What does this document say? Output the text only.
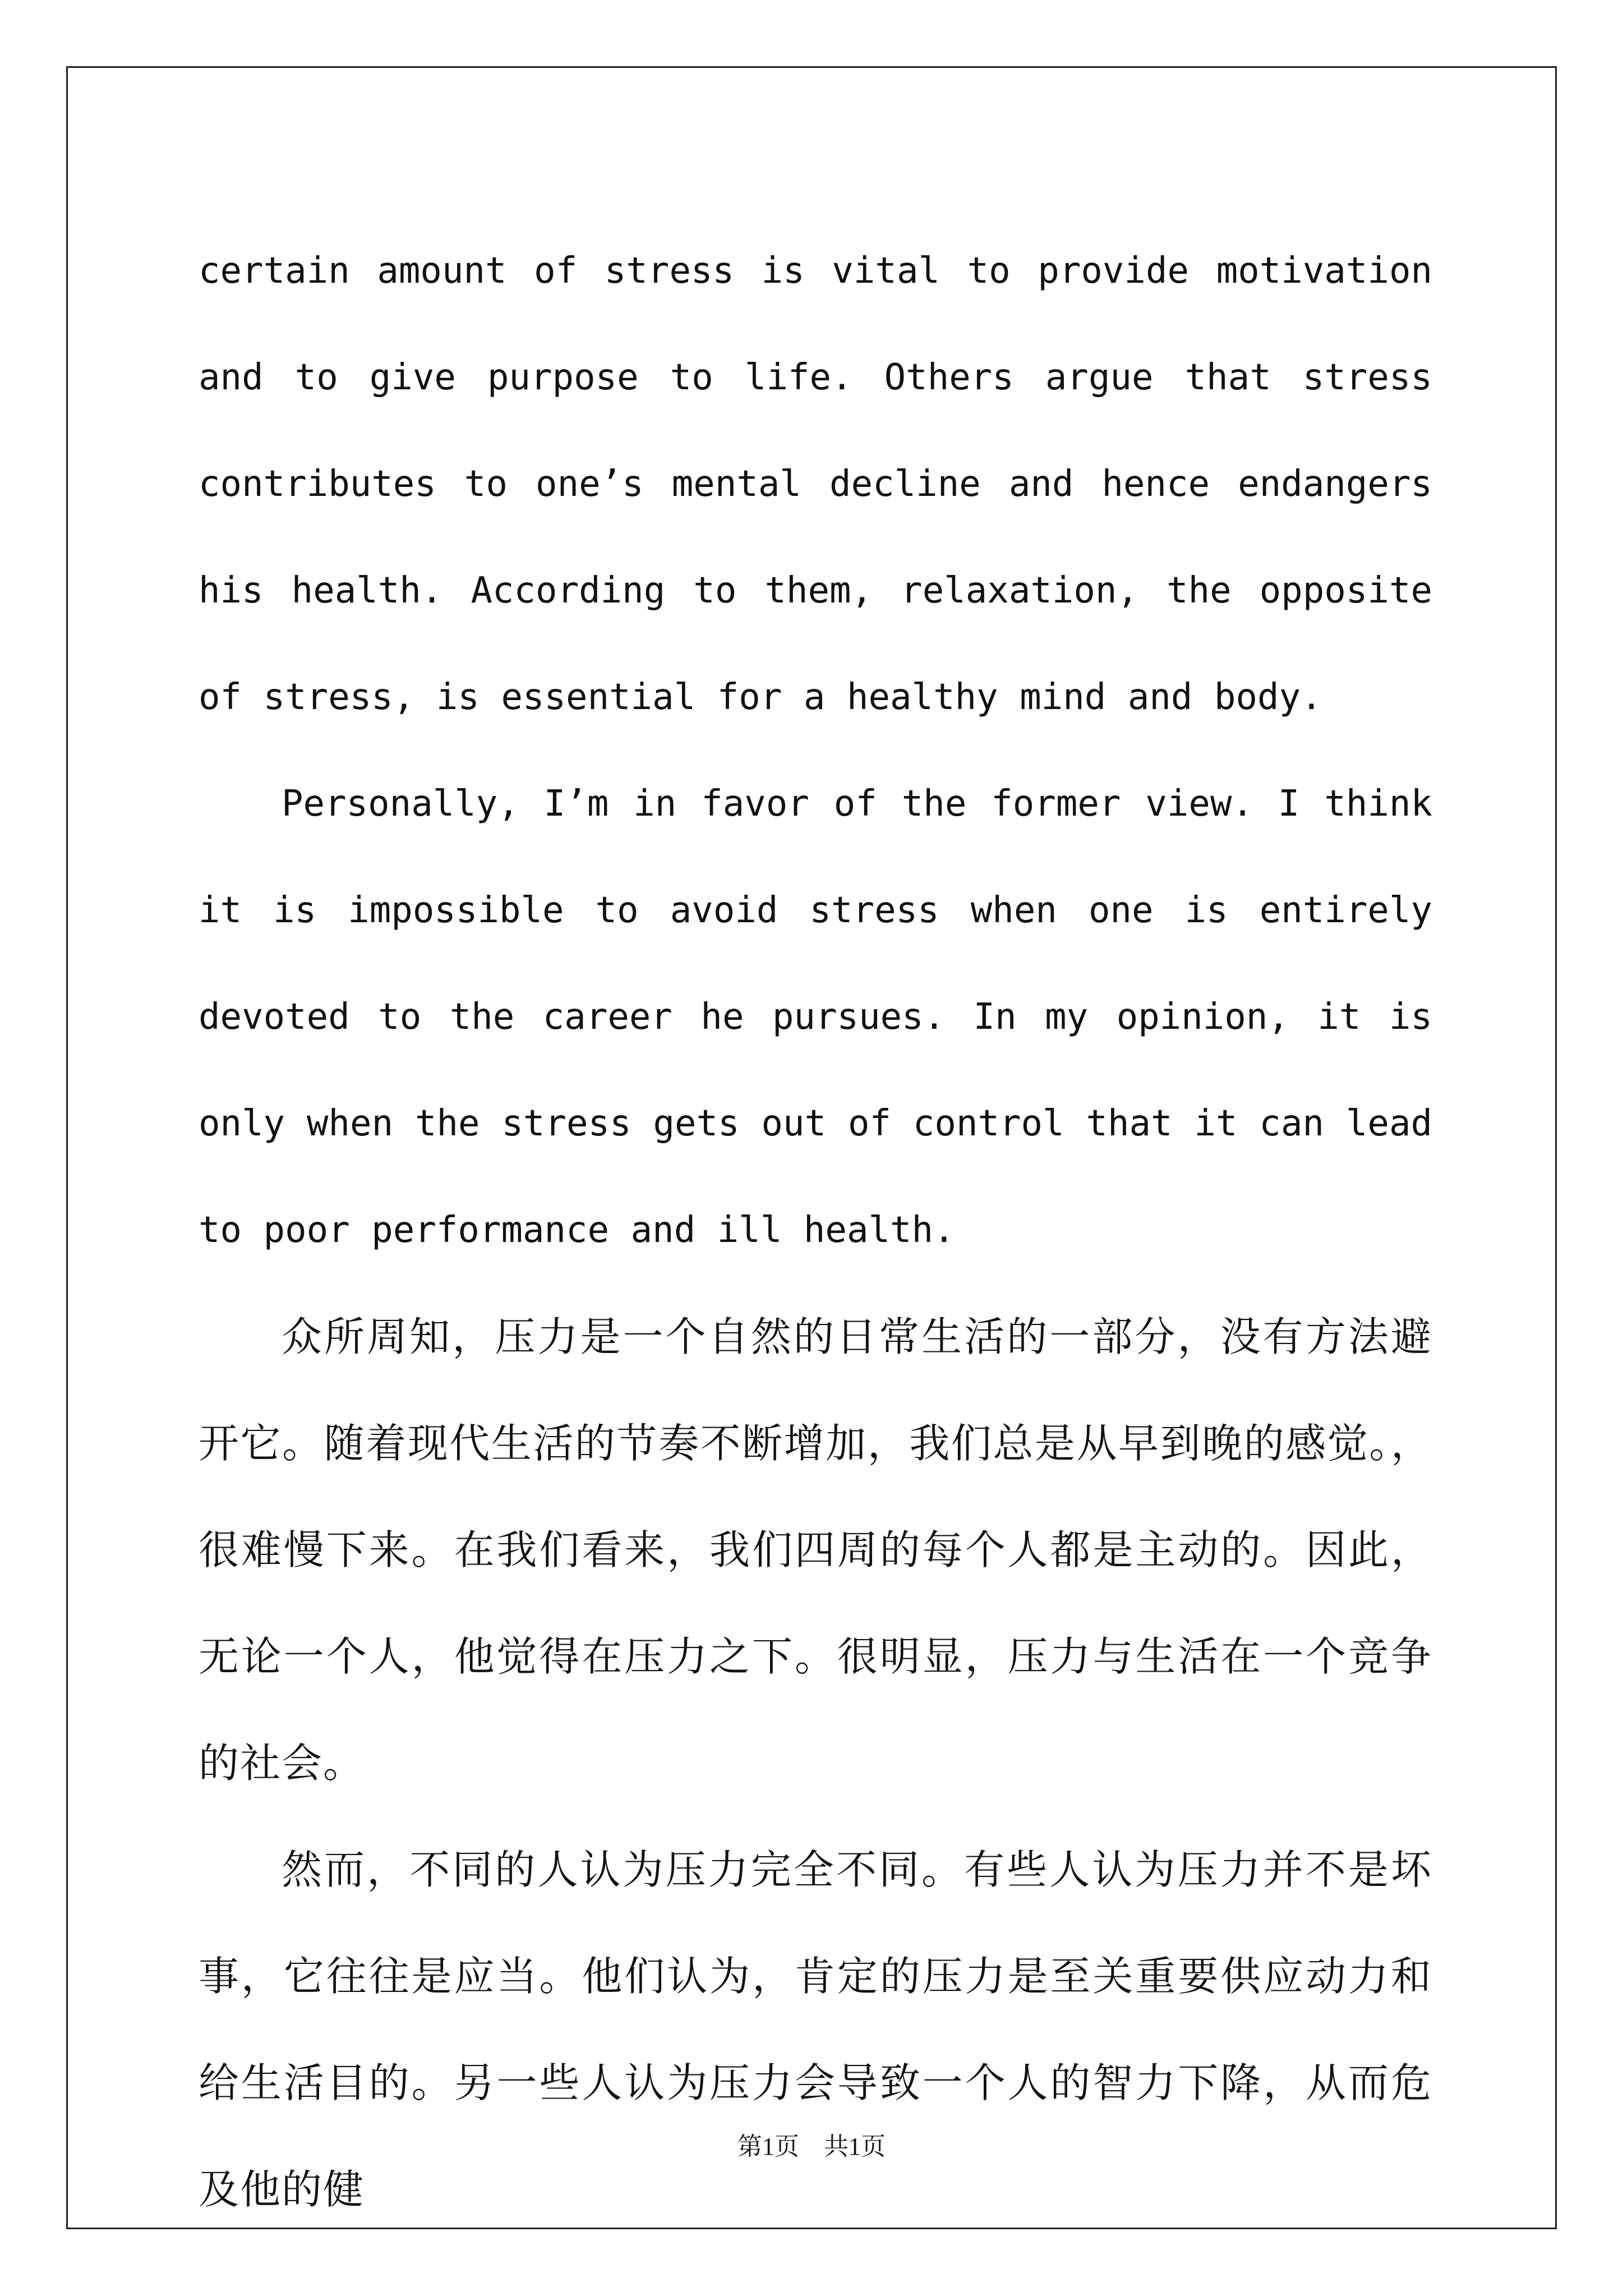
certain amount of stress is vital to provide motivation and to give purpose to life. Others argue that stress contributes to one’s mental decline and hence endangers his health. According to them, relaxation, the opposite of stress, is essential for a healthy mind and body.

Personally, I’m in favor of the former view. I think it is impossible to avoid stress when one is entirely devoted to the career he pursues. In my opinion, it is only when the stress gets out of control that it can lead to poor performance and ill health.

众所周知，压力是一个自然的日常生活的一部分，没有方法避开它。随着现代生活的节奏不断增加，我们总是从早到晚的感觉。，很难慢下来。在我们看来，我们四周的每个人都是主动的。因此，无论一个人，他觉得在压力之下。很明显，压力与生活在一个竞争的社会。

然而，不同的人认为压力完全不同。有些人认为压力并不是坏事，它往往是应当。他们认为，肯定的压力是至关重要供应动力和给生活目的。另一些人认为压力会导致一个人的智力下降，从而危及他的健

第1页 共1页
